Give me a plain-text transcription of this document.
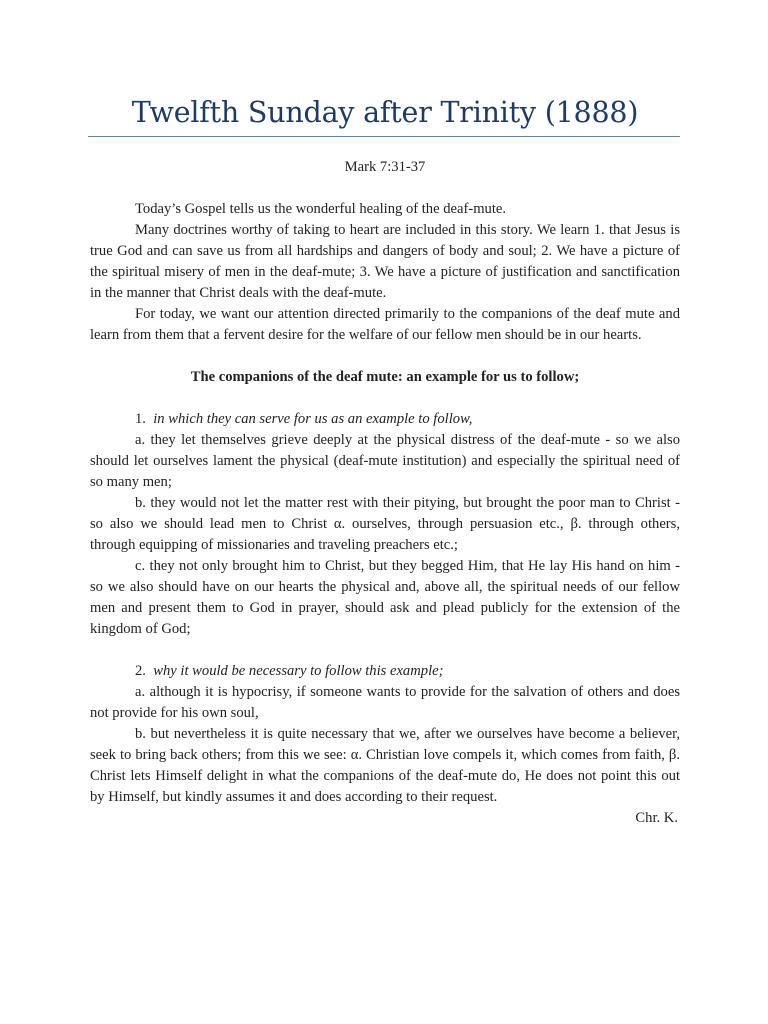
Twelfth Sunday after Trinity (1888)

Mark 7:31-37

Today’s Gospel tells us the wonderful healing of the deaf-mute.

Many doctrines worthy of taking to heart are included in this story. We learn 1. that Jesus is true God and can save us from all hardships and dangers of body and soul; 2. We have a picture of the spiritual misery of men in the deaf-mute; 3. We have a picture of justification and sanctification in the manner that Christ deals with the deaf-mute.

For today, we want our attention directed primarily to the companions of the deaf mute and learn from them that a fervent desire for the welfare of our fellow men should be in our hearts.

The companions of the deaf mute: an example for us to follow;

1. in which they can serve for us as an example to follow,

a. they let themselves grieve deeply at the physical distress of the deaf-mute - so we also should let ourselves lament the physical (deaf-mute institution) and especially the spiritual need of so many men;

b. they would not let the matter rest with their pitying, but brought the poor man to Christ - so also we should lead men to Christ α. ourselves, through persuasion etc., β. through others, through equipping of missionaries and traveling preachers etc.;

c. they not only brought him to Christ, but they begged Him, that He lay His hand on him - so we also should have on our hearts the physical and, above all, the spiritual needs of our fellow men and present them to God in prayer, should ask and plead publicly for the extension of the kingdom of God;

2. why it would be necessary to follow this example;

a. although it is hypocrisy, if someone wants to provide for the salvation of others and does not provide for his own soul,

b. but nevertheless it is quite necessary that we, after we ourselves have become a believer, seek to bring back others; from this we see: α. Christian love compels it, which comes from faith, β. Christ lets Himself delight in what the companions of the deaf-mute do, He does not point this out by Himself, but kindly assumes it and does according to their request.

Chr. K.
